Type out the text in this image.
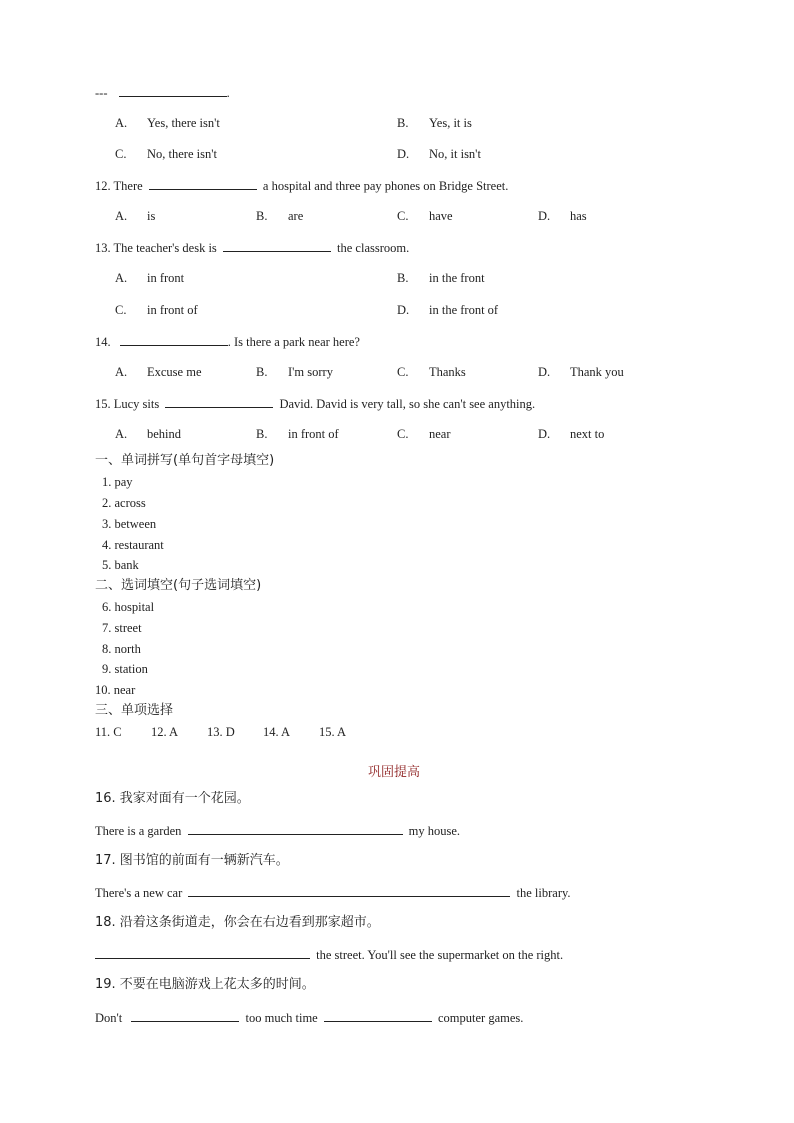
---	.
A. Yes, there isn't	B. Yes, it is
C. No, there isn't	D. No, it isn't
12. There	a hospital and three pay phones on Bridge Street.
A. is	B. are	C. have	D. has
13. The teacher's desk is	the classroom.
A. in front	B. in the front
C. in front of	D. in the front of
14.	. Is there a park near here?
A. Excuse me	B. I'm sorry	C. Thanks	D. Thank you
15. Lucy sits	David. David is very tall, so she can't see anything.
A. behind	B. in front of	C. near	D. next to
一、单词拼写(单句首字母填空)
1. pay
2. across
3. between
4. restaurant
5. bank
二、选词填空(句子选词填空)
6. hospital
7. street
8. north
9. station
10. near
三、单项选择
11. C 12. A 13. D 14. A 15. A
巩固提高
16. 我家对面有一个花园。
There is a garden	my house.
17. 图书馆的前面有一辆新汽车。
There's a new car	the library.
18. 沿着这条街道走，你会在右边看到那家超市。
the street. You'll see the supermarket on the right.
19. 不要在电脑游戏上花太多的时间。
Don't	too much time	computer games.
